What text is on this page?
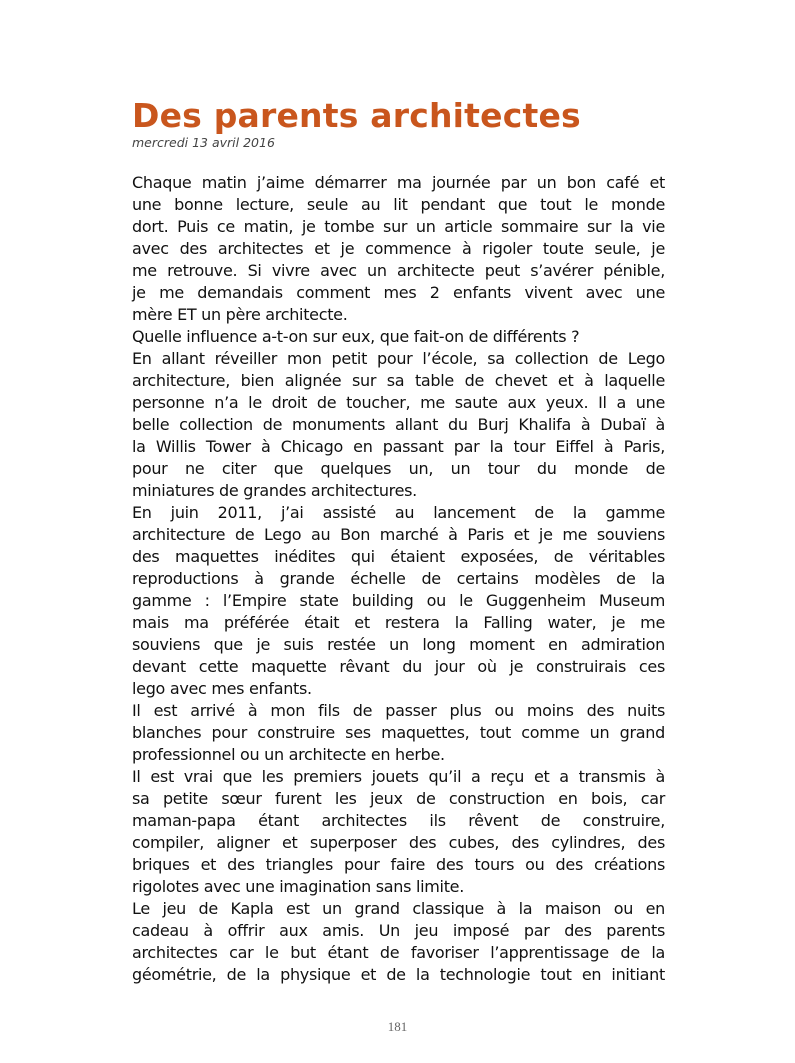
Des parents architectes
mercredi 13 avril 2016
Chaque matin j’aime démarrer ma journée par un bon café et
une bonne lecture, seule au lit pendant que tout le monde
dort. Puis ce matin, je tombe sur un article sommaire sur la vie
avec des architectes et je commence à rigoler toute seule, je
me retrouve. Si vivre avec un architecte peut s’avérer pénible,
je me demandais comment mes 2 enfants vivent avec une
mère ET un père architecte.
Quelle influence a-t-on sur eux, que fait-on de différents ?
En allant réveiller mon petit pour l’école, sa collection de Lego
architecture, bien alignée sur sa table de chevet et à laquelle
personne n’a le droit de toucher, me saute aux yeux. Il a une
belle collection de monuments allant du Burj Khalifa à Dubaï à
la Willis Tower à Chicago en passant par la tour Eiffel à Paris,
pour ne citer que quelques un, un tour du monde de
miniatures de grandes architectures.
En juin 2011, j’ai assisté au lancement de la gamme
architecture de Lego au Bon marché à Paris et je me souviens
des maquettes inédites qui étaient exposées, de véritables
reproductions à grande échelle de certains modèles de la
gamme : l’Empire state building ou le Guggenheim Museum
mais ma préférée était et restera la Falling water, je me
souviens que je suis restée un long moment en admiration
devant cette maquette rêvant du jour où je construirais ces
lego avec mes enfants.
Il est arrivé à mon fils de passer plus ou moins des nuits
blanches pour construire ses maquettes, tout comme un grand
professionnel ou un architecte en herbe.
Il est vrai que les premiers jouets qu’il a reçu et a transmis à
sa petite sœur furent les jeux de construction en bois, car
maman-papa étant architectes ils rêvent de construire,
compiler, aligner et superposer des cubes, des cylindres, des
briques et des triangles pour faire des tours ou des créations
rigolotes avec une imagination sans limite.
Le jeu de Kapla est un grand classique à la maison ou en
cadeau à offrir aux amis. Un jeu imposé par des parents
architectes car le but étant de favoriser l’apprentissage de la
géométrie, de la physique et de la technologie tout en initiant
181
